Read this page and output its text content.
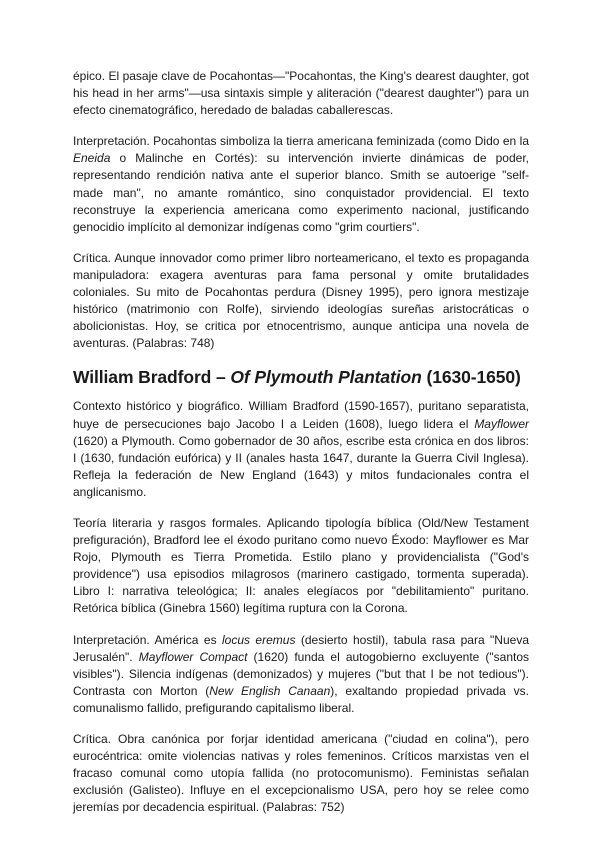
épico. El pasaje clave de Pocahontas—"Pocahontas, the King's dearest daughter, got his head in her arms"—usa sintaxis simple y aliteración ("dearest daughter") para un efecto cinematográfico, heredado de baladas caballerescas.

Interpretación. Pocahontas simboliza la tierra americana feminizada (como Dido en la Eneida o Malinche en Cortés): su intervención invierte dinámicas de poder, representando rendición nativa ante el superior blanco. Smith se autoerige "self-made man", no amante romántico, sino conquistador providencial. El texto reconstruye la experiencia americana como experimento nacional, justificando genocidio implícito al demonizar indígenas como "grim courtiers".

Crítica. Aunque innovador como primer libro norteamericano, el texto es propaganda manipuladora: exagera aventuras para fama personal y omite brutalidades coloniales. Su mito de Pocahontas perdura (Disney 1995), pero ignora mestizaje histórico (matrimonio con Rolfe), sirviendo ideologías sureñas aristocráticas o abolicionistas. Hoy, se critica por etnocentrismo, aunque anticipa una novela de aventuras. (Palabras: 748)

William Bradford – Of Plymouth Plantation (1630-1650)

Contexto histórico y biográfico. William Bradford (1590-1657), puritano separatista, huye de persecuciones bajo Jacobo I a Leiden (1608), luego lidera el Mayflower (1620) a Plymouth. Como gobernador de 30 años, escribe esta crónica en dos libros: I (1630, fundación eufórica) y II (anales hasta 1647, durante la Guerra Civil Inglesa). Refleja la federación de New England (1643) y mitos fundacionales contra el anglicanismo.

Teoría literaria y rasgos formales. Aplicando tipología bíblica (Old/New Testament prefiguración), Bradford lee el éxodo puritano como nuevo Éxodo: Mayflower es Mar Rojo, Plymouth es Tierra Prometida. Estilo plano y providencialista ("God's providence") usa episodios milagrosos (marinero castigado, tormenta superada). Libro I: narrativa teleológica; II: anales elegíacos por "debilitamiento" puritano. Retórica bíblica (Ginebra 1560) legítima ruptura con la Corona.

Interpretación. América es locus eremus (desierto hostil), tabula rasa para "Nueva Jerusalén". Mayflower Compact (1620) funda el autogobierno excluyente ("santos visibles"). Silencia indígenas (demonizados) y mujeres ("but that I be not tedious"). Contrasta con Morton (New English Canaan), exaltando propiedad privada vs. comunalismo fallido, prefigurando capitalismo liberal.

Crítica. Obra canónica por forjar identidad americana ("ciudad en colina"), pero eurocéntrica: omite violencias nativas y roles femeninos. Críticos marxistas ven el fracaso comunal como utopía fallida (no protocomunismo). Feministas señalan exclusión (Galisteo). Influye en el excepcionalismo USA, pero hoy se relee como jeremías por decadencia espiritual. (Palabras: 752)
